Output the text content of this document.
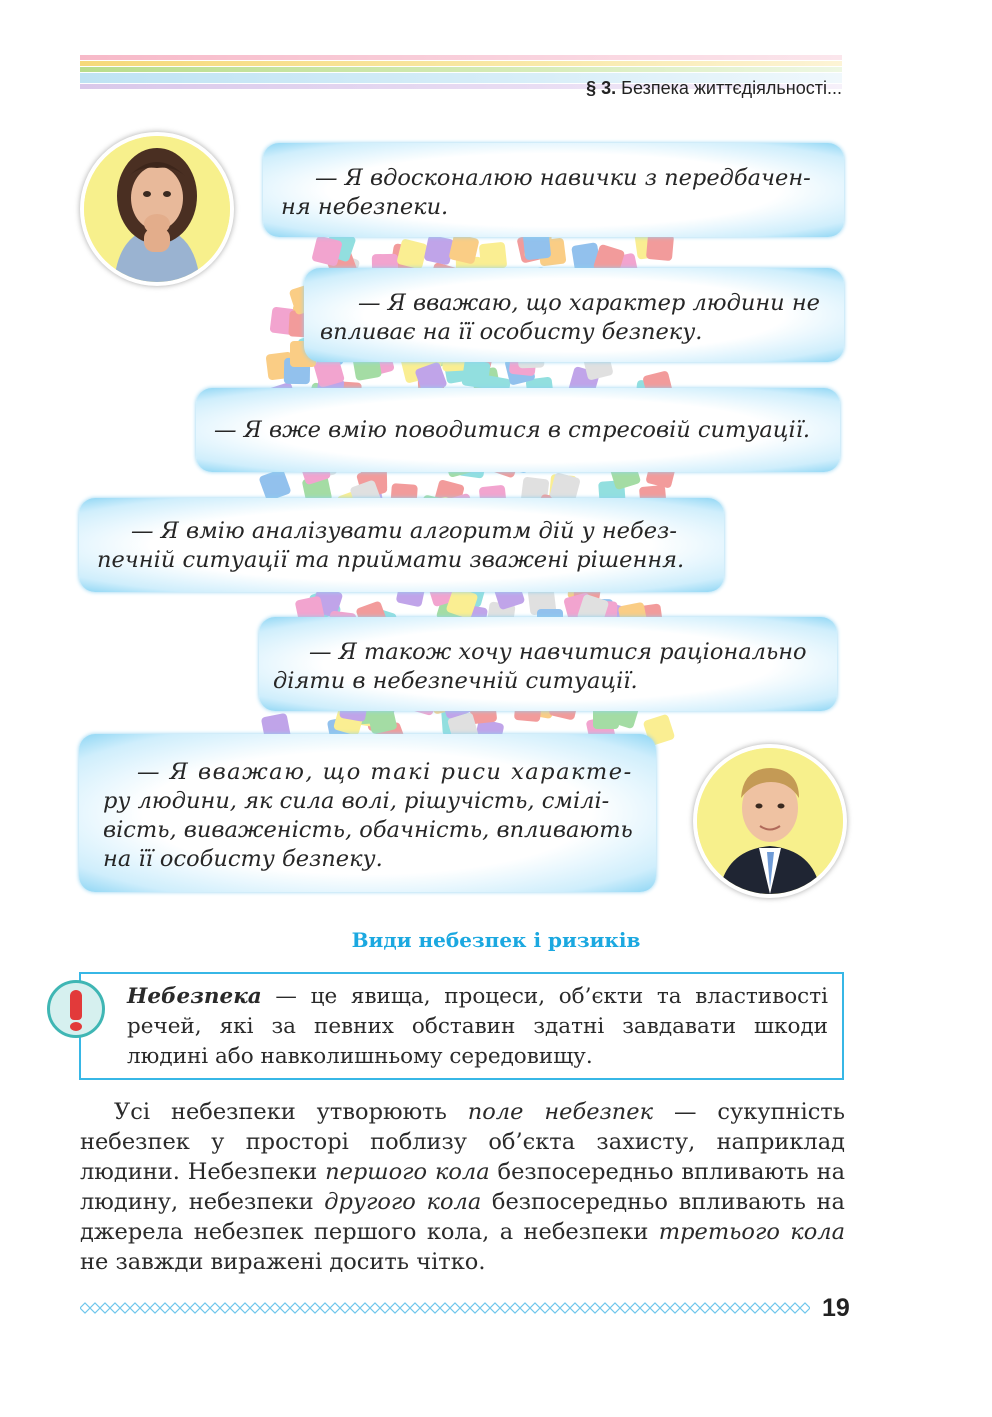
§ 3. Безпека життєдіяльності...
— Я вдосконалюю навички з передбачен-
ня небезпеки.
— Я вважаю, що характер людини не
впливає на її особисту безпеку.
— Я вже вмію поводитися в стресовій ситуації.
— Я вмію аналізувати алгоритм дій у небез-
печній ситуації та приймати зважені рішення.
— Я також хочу навчитися раціонально
діяти в небезпечній ситуації.
— Я вважаю, що такі риси характе-
ру людини, як сила волі, рішучість, смілі-
вість, виваженість, обачність, впливають
на її особисту безпеку.
Види небезпек і ризиків
Небезпека — це явища, процеси, об’єкти та властивості речей, які за певних обставин здатні завдавати шкоди людині або навколишньому середовищу.
Усі небезпеки утворюють поле небезпек — сукупність небезпек у просторі поблизу об’єкта захисту, наприклад людини. Небезпеки першого кола безпосередньо впливають на людину, небезпеки другого кола безпосередньо впливають на джерела небезпек першого кола, а небезпеки третього кола не завжди виражені досить чітко.
19
